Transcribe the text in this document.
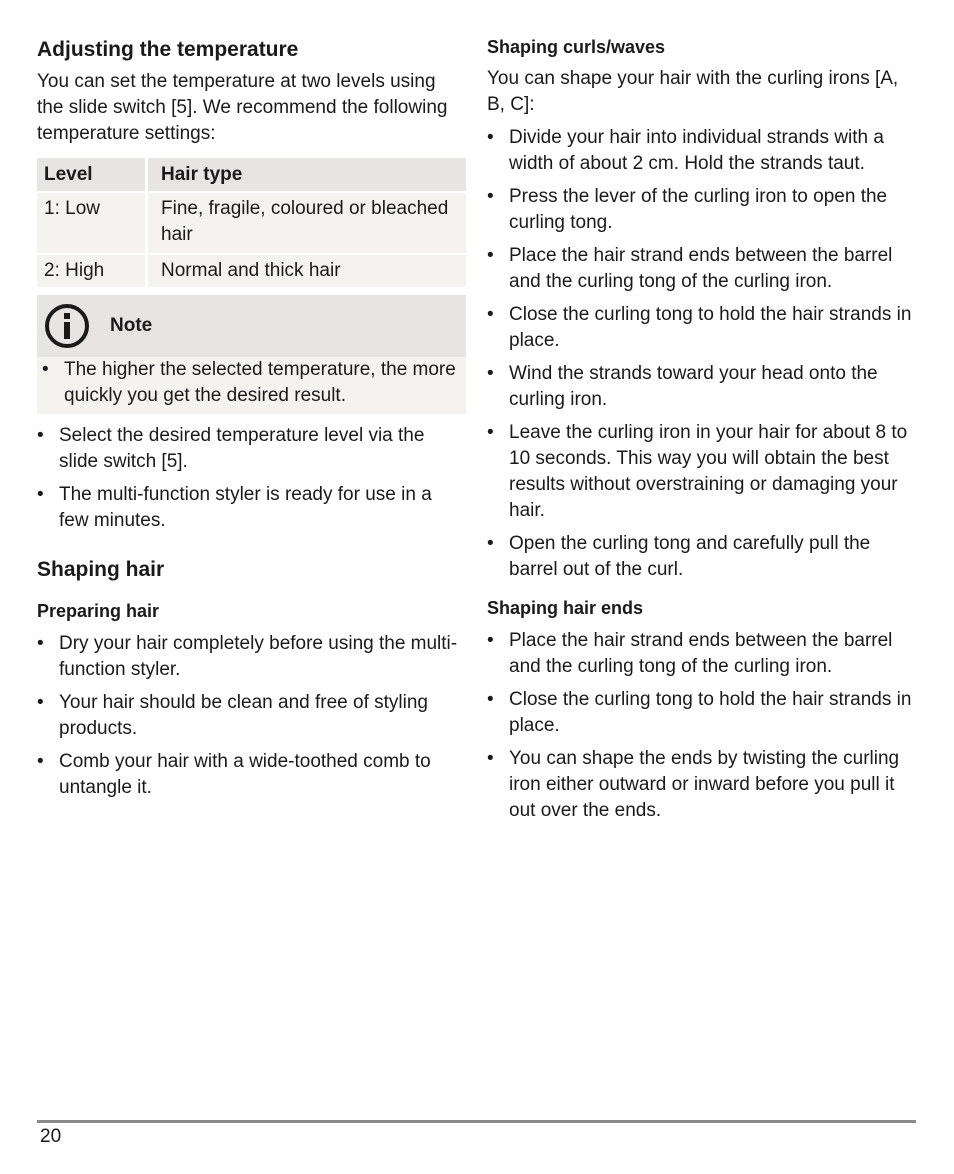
Adjusting the temperature

You can set the temperature at two levels using the slide switch [5]. We recommend the following temperature settings:

Level	Hair type
1: Low	Fine, fragile, coloured or bleached hair
2: High	Normal and thick hair
Note
• The higher the selected temperature, the more quickly you get the desired result.
• Select the desired temperature level via the slide switch [5].
• The multi-function styler is ready for use in a few minutes.
Shaping hair
Preparing hair
• Dry your hair completely before using the multi-function styler.
• Your hair should be clean and free of styling products.
• Comb your hair with a wide-toothed comb to untangle it.
Shaping curls/waves

You can shape your hair with the curling irons [A, B, C]:

• Divide your hair into individual strands with a width of about 2 cm. Hold the strands taut.
• Press the lever of the curling iron to open the curling tong.
• Place the hair strand ends between the barrel and the curling tong of the curling iron.
• Close the curling tong to hold the hair strands in place.
• Wind the strands toward your head onto the curling iron.
• Leave the curling iron in your hair for about 8 to 10 seconds. This way you will obtain the best results without overstraining or damaging your hair.
• Open the curling tong and carefully pull the barrel out of the curl.
Shaping hair ends
• Place the hair strand ends between the barrel and the curling tong of the curling iron.
• Close the curling tong to hold the hair strands in place.
• You can shape the ends by twisting the curling iron either outward or inward before you pull it out over the ends.
20
